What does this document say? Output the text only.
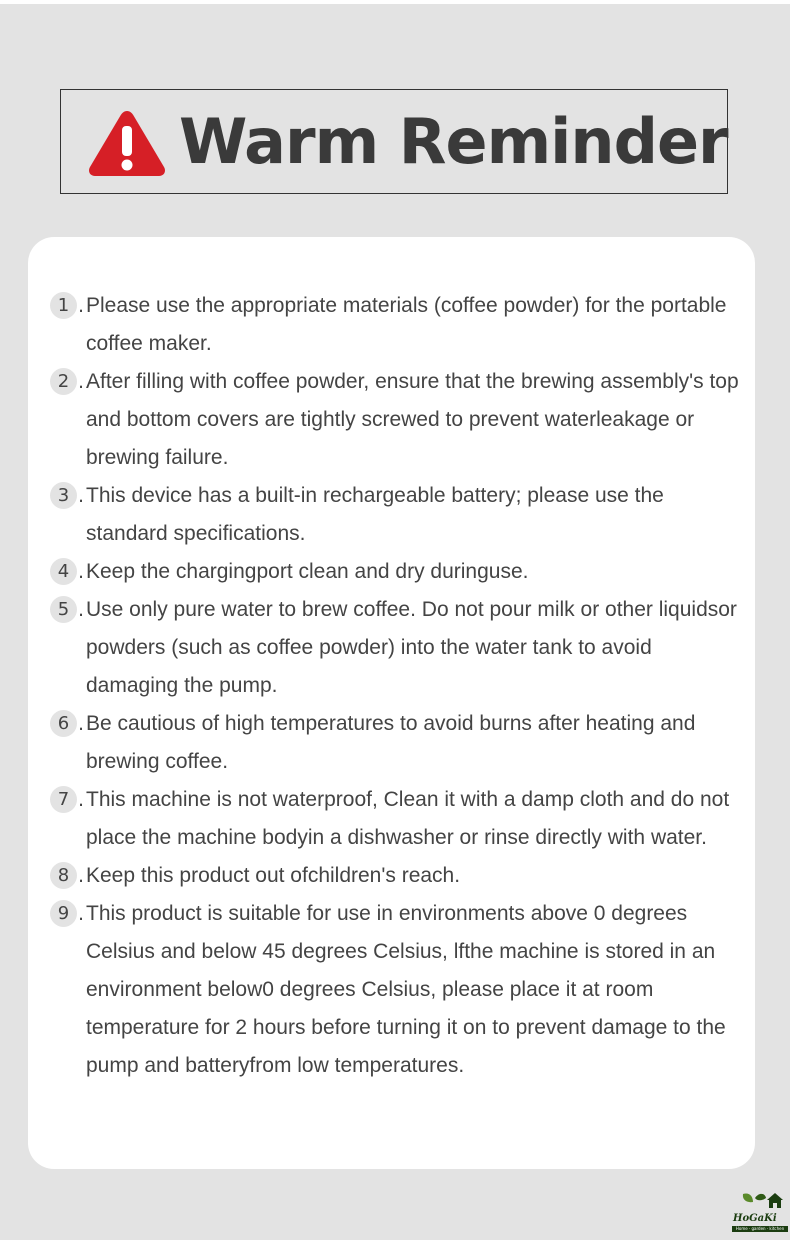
Warm Reminder
1 . Please use the appropriate materials (coffee powder) for the portable coffee maker.
2 . After filling with coffee powder, ensure that the brewing assembly's top and bottom covers are tightly screwed to prevent waterleakage or brewing failure.
3 . This device has a built-in rechargeable battery; please use the standard specifications.
4 . Keep the chargingport clean and dry duringuse.
5 . Use only pure water to brew coffee. Do not pour milk or other liquidsor powders (such as coffee powder) into the water tank to avoid damaging the pump.
6 . Be cautious of high temperatures to avoid burns after heating and brewing coffee.
7 . This machine is not waterproof, Clean it with a damp cloth and do not place the machine bodyin a dishwasher or rinse directly with water.
8 . Keep this product out ofchildren's reach.
9 . This product is suitable for use in environments above 0 degrees Celsius and below 45 degrees Celsius, lfthe machine is stored in an environment below0 degrees Celsius, please place it at room temperature for 2 hours before turning it on to prevent damage to the pump and batteryfrom low temperatures.
HoGaKi
Home · garden · kitchen
